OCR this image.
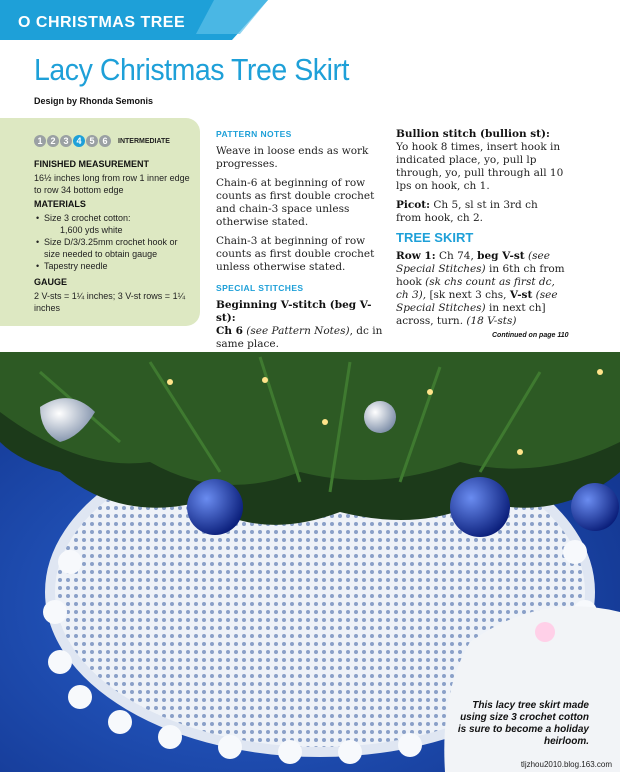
O CHRISTMAS TREE
Lacy Christmas Tree Skirt
Design by Rhonda Semonis
1 2 3 4 5 6	INTERMEDIATE
FINISHED MEASUREMENT

16½ inches long from row 1 inner edge to row 34 bottom edge

MATERIALS
• Size 3 crochet cotton:
1,600 yds white
• Size D/3/3.25mm crochet hook or size needed to obtain gauge
• Tapestry needle
GAUGE

2 V-sts = 1¼ inches; 3 V-st rows = 1¼ inches

PATTERN NOTES

Weave in loose ends as work progresses.

Chain-6 at beginning of row counts as first double crochet and chain-3 space unless otherwise stated.

Chain-3 at beginning of row counts as first double crochet unless otherwise stated.

SPECIAL STITCHES

Beginning V-stitch (beg V-st):
Ch 6 (see Pattern Notes), dc in same place.

Bullion stitch (bullion st):
Yo hook 8 times, insert hook in indicated place, yo, pull lp through, yo, pull through all 10 lps on hook, ch 1.

Picot: Ch 5, sl st in 3rd ch from hook, ch 2.

TREE SKIRT

Row 1: Ch 74, beg V-st (see Special Stitches) in 6th ch from hook (sk chs count as first dc, ch 3), [sk next 3 chs, V-st (see Special Stitches) in next ch] across, turn. (18 V-sts)

Continued on page 110
This lacy tree skirt made using size 3 crochet cotton is sure to become a holiday heirloom.
tljzhou2010.blog.163.com
